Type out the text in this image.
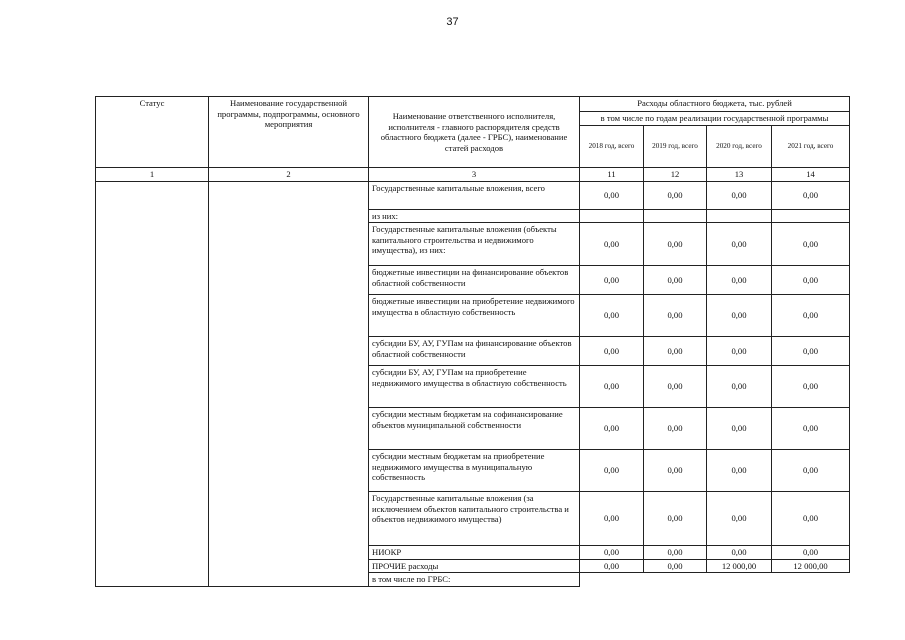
37
Статус	Наименование государственной программы, подпрограммы, основного мероприятия	Наименование ответственного исполнителя, исполнителя - главного распорядителя средств областного бюджета (далее - ГРБС), наименование статей расходов	Расходы областного бюджета, тыс. рублей			
			в том числе по годам реализации государственной программы			
			2018 год, всего	2019 год, всего	2020 год, всего	2021 год, всего
1	2	3	11	12	13	14
		Государственные капитальные вложения, всего	0,00	0,00	0,00	0,00
		из них:				
		Государственные капитальные вложения (объекты капитального строительства и недвижимого имущества), из них:	0,00	0,00	0,00	0,00
		бюджетные инвестиции на финансирование объектов областной собственности	0,00	0,00	0,00	0,00
		бюджетные инвестиции на приобретение недвижимого имущества в областную собственность	0,00	0,00	0,00	0,00
		субсидии БУ, АУ, ГУПам на финансирование объектов областной собственности	0,00	0,00	0,00	0,00
		субсидии БУ, АУ, ГУПам на приобретение недвижимого имущества в областную собственность	0,00	0,00	0,00	0,00
		субсидии местным бюджетам на софинансирование объектов муниципальной собственности	0,00	0,00	0,00	0,00
		субсидии местным бюджетам на приобретение недвижимого имущества в муниципальную собственность	0,00	0,00	0,00	0,00
		Государственные капитальные вложения (за исключением объектов капитального строительства и объектов недвижимого имущества)	0,00	0,00	0,00	0,00
		НИОКР	0,00	0,00	0,00	0,00
		ПРОЧИЕ расходы	0,00	0,00	12 000,00	12 000,00
		в том числе по ГРБС:				
